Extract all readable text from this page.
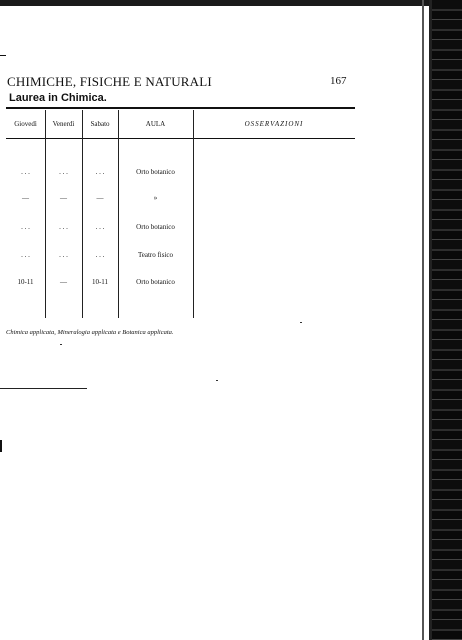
CHIMICHE, FISICHE E NATURALI	167
Laurea in Chimica.
Giovedì	Venerdì	Sabato	AULA	OSSERVAZIONI
. . .	. . .	. . .	Orto botanico
—	—	—	»
. . .	. . .	. . .	Orto botanico
. . .	. . .	. . .	Teatro fisico
10-11	—	10-11	Orto botanico
Chimica applicata, Mineralogia applicata e Botanica applicata.
